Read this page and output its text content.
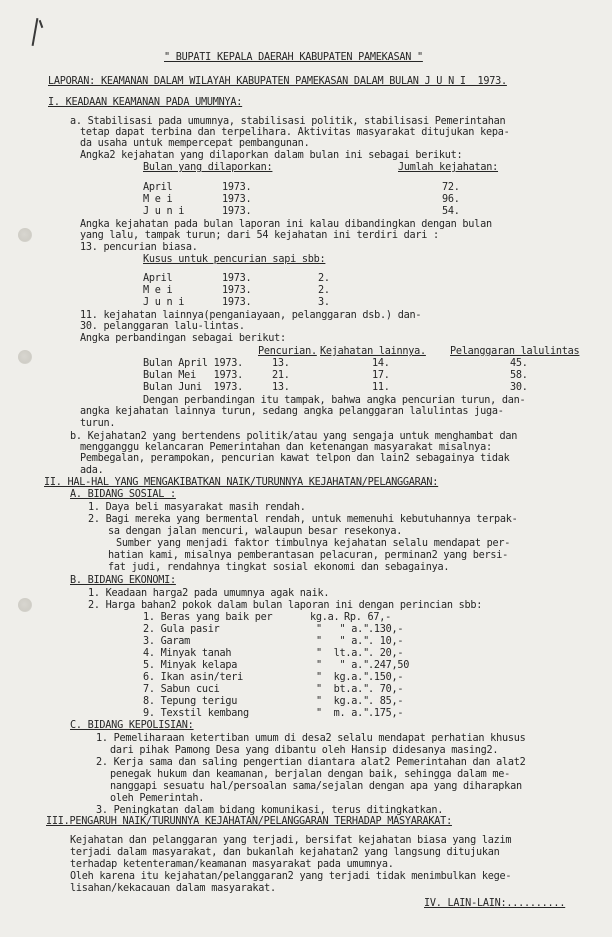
" BUPATI KEPALA DAERAH KABUPATEN PAMEKASAN "
LAPORAN: KEAMANAN DALAM WILAYAH KABUPATEN PAMEKASAN DALAM BULAN J U N I  1973.
I. KEADAAN KEAMANAN PADA UMUMNYA:
a. Stabilisasi pada umumnya, stabilisasi politik, stabilisasi Pemerintahan
tetap dapat terbina dan terpelihara. Aktivitas masyarakat ditujukan kepa-
da usaha untuk mempercepat pembangunan.
Angka2 kejahatan yang dilaporkan dalam bulan ini sebagai berikut:
Bulan yang dilaporkan:	Jumlah kejahatan:
April	1973.	72.
M e i	1973.	96.
J u n i	1973.	54.
Angka kejahatan pada bulan laporan ini kalau dibandingkan dengan bulan
yang lalu, tampak turun; dari 54 kejahatan ini terdiri dari :
13. pencurian biasa.
Kusus untuk pencurian sapi sbb:
April	1973.	2.
M e i	1973.	2.
J u n i	1973.	3.
11. kejahatan lainnya(penganiayaan, pelanggaran dsb.) dan-
30. pelanggaran lalu-lintas.
Angka perbandingan sebagai berikut:
Pencurian. Kejahatan lainnya. Pelanggaran lalulintas
Bulan April 1973.	13.	14.	45.
Bulan Mei   1973.	21.	17.	58.
Bulan Juni  1973.	13.	11.	30.
Dengan perbandingan itu tampak, bahwa angka pencurian turun, dan-
angka kejahatan lainnya turun, sedang angka pelanggaran lalulintas juga-
turun.
b. Kejahatan2 yang bertendens politik/atau yang sengaja untuk menghambat dan
mengganggu kelancaran Pemerintahan dan ketenangan masyarakat misalnya:
Pembegalan, perampokan, pencurian kawat telpon dan lain2 sebagainya tidak
ada.
II. HAL-HAL YANG MENGAKIBATKAN NAIK/TURUNNYA KEJAHATAN/PELANGGARAN:
A. BIDANG SOSIAL :
1. Daya beli masyarakat masih rendah.
2. Bagi mereka yang bermental rendah, untuk memenuhi kebutuhannya terpak-
sa dengan jalan mencuri, walaupun besar resekonya.
Sumber yang menjadi faktor timbulnya kejahatan selalu mendapat per-
hatian kami, misalnya pemberantasan pelacuran, perminan2 yang bersi-
fat judi, rendahnya tingkat sosial ekonomi dan sebagainya.
B. BIDANG EKONOMI:
1. Keadaan harga2 pada umumnya agak naik.
2. Harga bahan2 pokok dalam bulan laporan ini dengan perincian sbb:
1. Beras yang baik per	kg.a. Rp. 67,-
2. Gula pasir	"   " a." .130,-
3. Garam	"   " a." . 10,-
4. Minyak tanah	"  lt.a." . 20,-
5. Minyak kelapa	"   " a." .247,50
6. Ikan asin/teri	"  kg.a." .150,-
7. Sabun cuci	"  bt.a." . 70,-
8. Tepung terigu	"  kg.a." . 85,-
9. Texstil kembang	"  m. a." .175,-
C. BIDANG KEPOLISIAN:
1. Pemeliharaan ketertiban umum di desa2 selalu mendapat perhatian khusus
dari pihak Pamong Desa yang dibantu oleh Hansip didesanya masing2.
2. Kerja sama dan saling pengertian diantara alat2 Pemerintahan dan alat2
penegak hukum dan keamanan, berjalan dengan baik, sehingga dalam me-
nanggapi sesuatu hal/persoalan sama/sejalan dengan apa yang diharapkan
oleh Pemerintah.
3. Peningkatan dalam bidang komunikasi, terus ditingkatkan.
III.PENGARUH NAIK/TURUNNYA KEJAHATAN/PELANGGARAN TERHADAP MASYARAKAT:
Kejahatan dan pelanggaran yang terjadi, bersifat kejahatan biasa yang lazim
terjadi dalam masyarakat, dan bukanlah kejahatan2 yang langsung ditujukan
terhadap ketenteraman/keamanan masyarakat pada umumnya.
Oleh karena itu kejahatan/pelanggaran2 yang terjadi tidak menimbulkan kege-
lisahan/kekacauan dalam masyarakat.
IV. LAIN-LAIN:..........
